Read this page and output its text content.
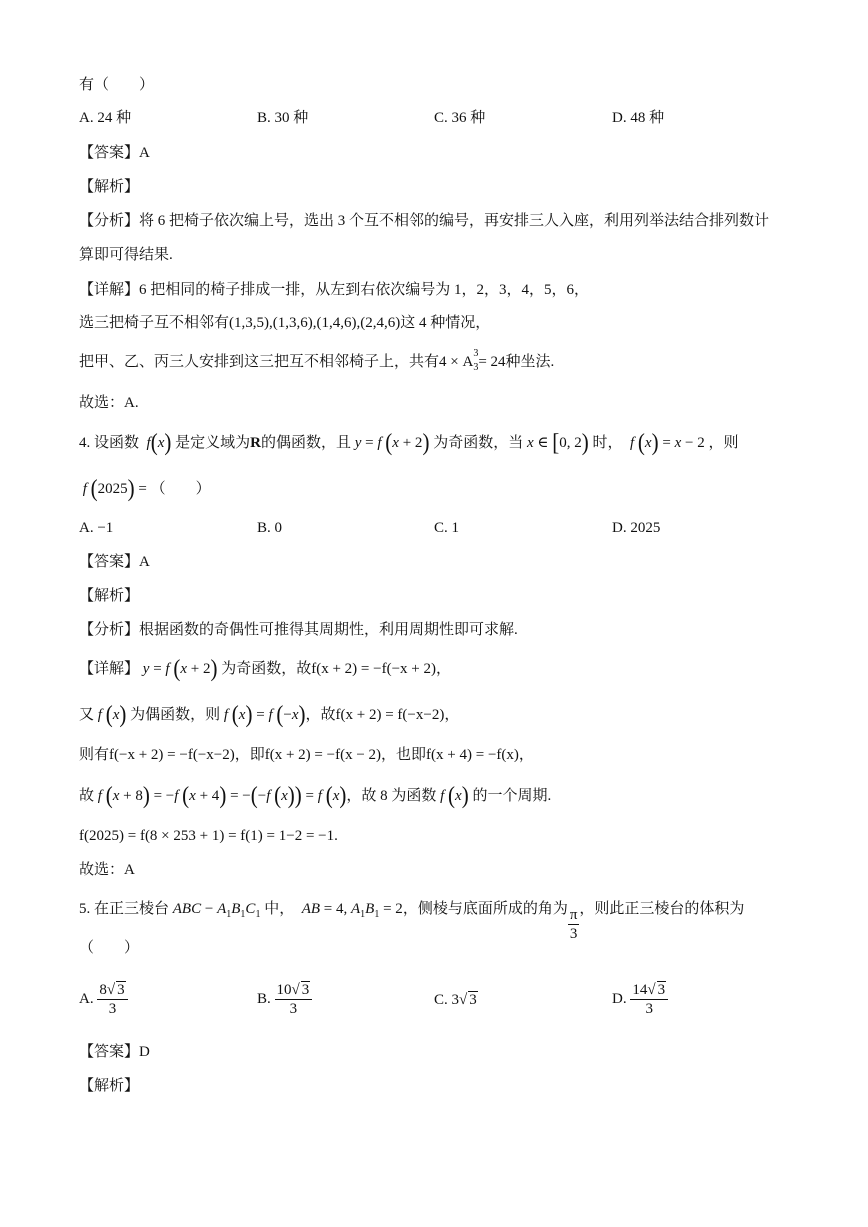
有（　　）
A. 24 种	B. 30 种	C. 36 种	D. 48 种
【答案】A
【解析】
【分析】将 6 把椅子依次编上号，选出 3 个互不相邻的编号，再安排三人入座，利用列举法结合排列数计
算即可得结果.
【详解】6 把相同的椅子排成一排，从左到右依次编号为 1，2，3，4，5，6，
选三把椅子互不相邻有(1,3,5),(1,3,6),(1,4,6),(2,4,6)这 4 种情况，
把甲、乙、丙三人安排到这三把互不相邻椅子上，共有4 × A
$_{3 3}$= 24种坐法.
故选：A.
4. 设函数  f(x) 是定义域为R的偶函数，且 y = f (x + 2) 为奇函数，当 x ∈ [0, 2) 时， f (x) = x − 2 ，则
f (2025) = （　　）
A. −1	B. 0	C. 1	D. 2025
【答案】A
【解析】
【分析】根据函数的奇偶性可推得其周期性，利用周期性即可求解.
【详解】 y = f (x + 2) 为奇函数，故f(x + 2) = −f(−x + 2)，
又 f (x) 为偶函数，则 f (x) = f (−x)，故f(x + 2) = f(−x−2)，
则有f(−x + 2) = −f(−x−2)，即f(x + 2) = −f(x − 2)，也即f(x + 4) = −f(x)，
故 f (x + 8) = −f (x + 4) = −(−f (x)) = f (x)，故 8 为函数 f (x) 的一个周期.
f(2025) = f(8 × 253 + 1) = f(1) = 1−2 = −1.
故选：A
5. 在正三棱台 ABC − $A_1B_1C_1$ 中， AB = 4, $A_1B_1 = 2$，侧棱与底面所成的角为 $\frac{\pi}{3}$ ，则此正三棱台的体积为
（　　）
A. $\frac{8√ 3}{3}$	B. $\frac{10√ 3}{3}$	C. 3√ 3	D. $\frac{14√ 3}{3}$
【答案】D
【解析】
